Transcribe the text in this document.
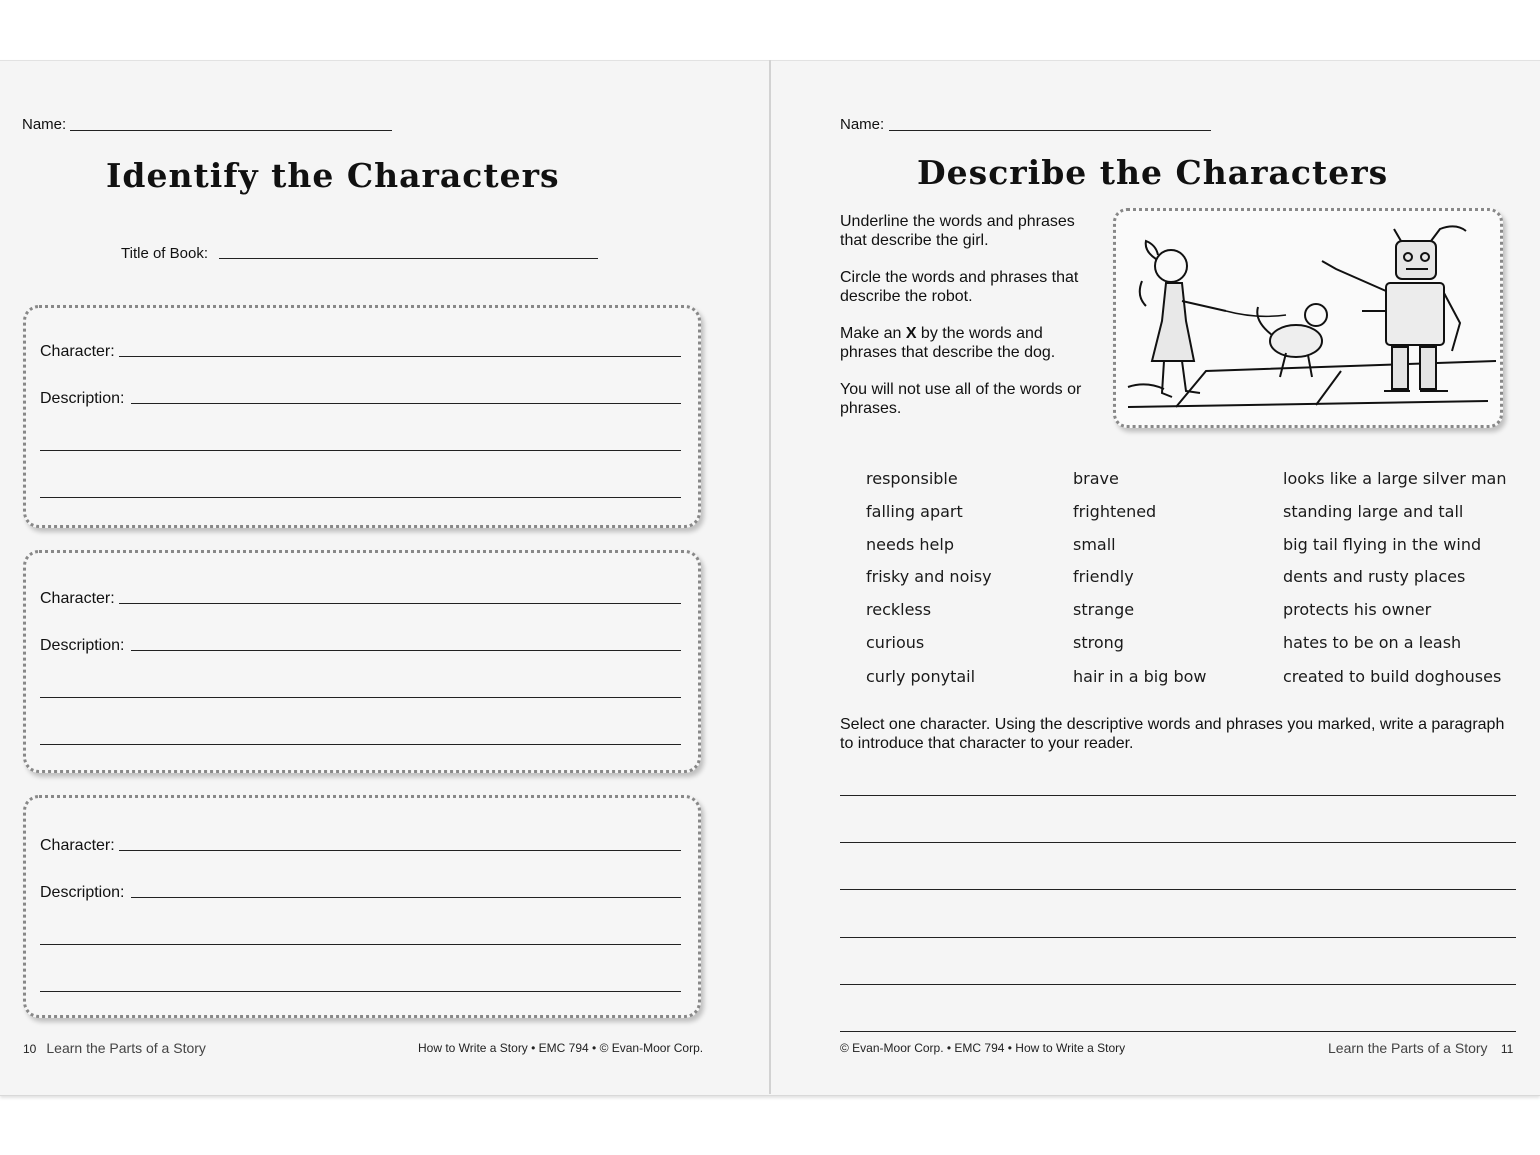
Name:
Identify the Characters
Title of Book:
Character:
Description:
Character:
Description:
Character:
Description:
10 Learn the Parts of a Story	How to Write a Story • EMC 794 • © Evan-Moor Corp.
Name:
Describe the Characters
Underline the words and phrases that describe the girl.
Circle the words and phrases that describe the robot.
Make an X by the words and phrases that describe the dog.
You will not use all of the words or phrases.
responsible
falling apart
needs help
frisky and noisy
reckless
curious
curly ponytail
brave
frightened
small
friendly
strange
strong
hair in a big bow
looks like a large silver man
standing large and tall
big tail flying in the wind
dents and rusty places
protects his owner
hates to be on a leash
created to build doghouses
Select one character. Using the descriptive words and phrases you marked, write a paragraph to introduce that character to your reader.
© Evan-Moor Corp. • EMC 794 • How to Write a Story	Learn the Parts of a Story 11
